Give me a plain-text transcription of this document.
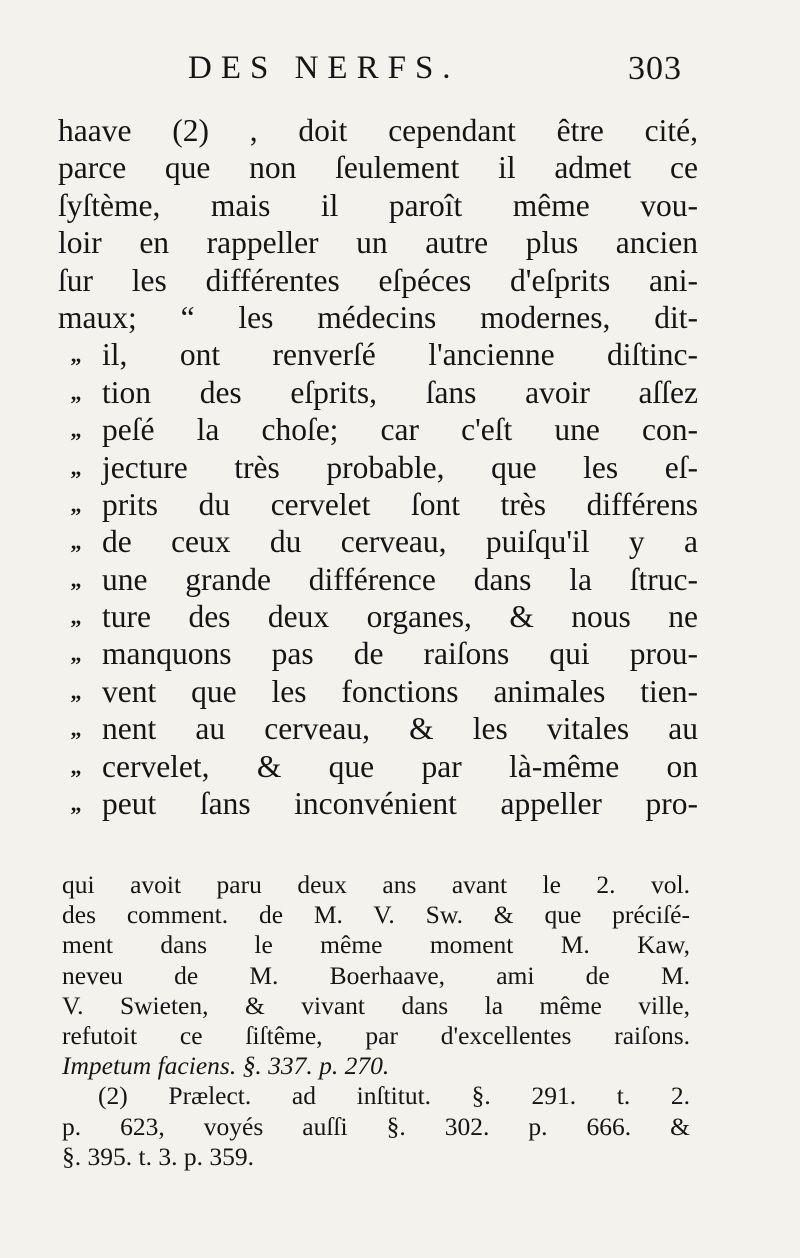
DES NERFS.	303
haave (2) , doit cependant être cité,
parce que non ſeulement il admet ce
ſyſtème, mais il paroît même vou-
loir en rappeller un autre plus ancien
ſur les différentes eſpéces d'eſprits ani-
maux; “ les médecins modernes, dit-
„ il, ont renverſé l'ancienne diſtinc-
„ tion des eſprits, ſans avoir aſſez
„ peſé la choſe; car c'eſt une con-
„ jecture très probable, que les eſ-
„ prits du cervelet ſont très différens
„ de ceux du cerveau, puiſqu'il y a
„ une grande différence dans la ſtruc-
„ ture des deux organes, & nous ne
„ manquons pas de raiſons qui prou-
„ vent que les fonctions animales tien-
„ nent au cerveau, & les vitales au
„ cervelet, & que par là-même on
„ peut ſans inconvénient appeller pro-
qui avoit paru deux ans avant le 2. vol.
des comment. de M. V. Sw. & que préciſé-
ment dans le même moment M. Kaw,
neveu de M. Boerhaave, ami de M.
V. Swieten, & vivant dans la même ville,
refutoit ce ſiſtême, par d'excellentes raiſons.
Impetum faciens. §. 337. p. 270.
(2) Prælect. ad inſtitut. §. 291. t. 2.
p. 623, voyés auſſi §. 302. p. 666. &
§. 395. t. 3. p. 359.
